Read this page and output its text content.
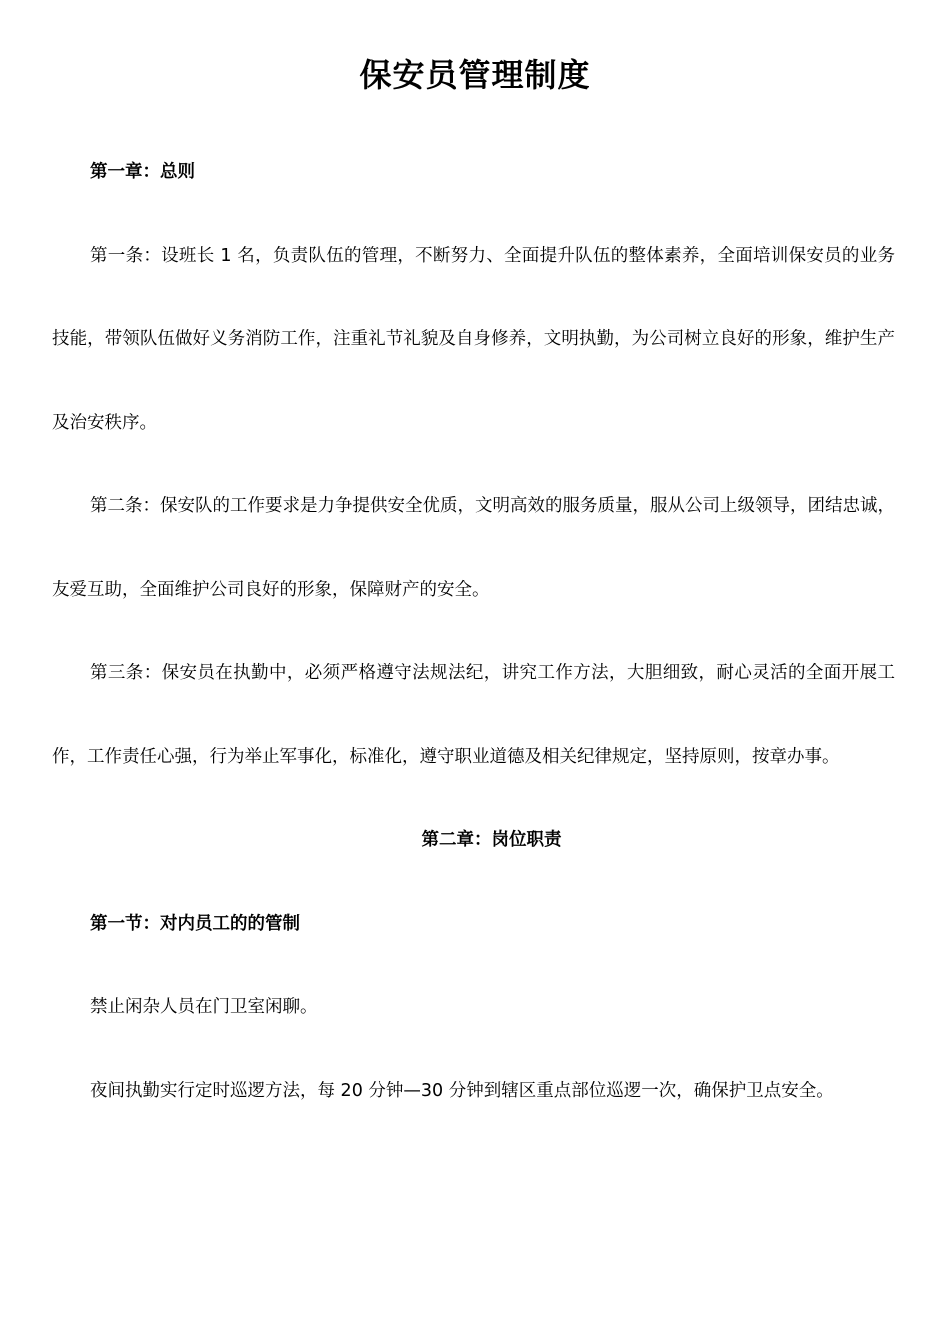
保安员管理制度

第一章：总则

第一条：设班长 1 名，负责队伍的管理，不断努力、全面提升队伍的整体素养，全面培训保安员的业务技能，带领队伍做好义务消防工作，注重礼节礼貌及自身修养，文明执勤，为公司树立良好的形象，维护生产及治安秩序。

第二条：保安队的工作要求是力争提供安全优质，文明高效的服务质量，服从公司上级领导，团结忠诚，友爱互助，全面维护公司良好的形象，保障财产的安全。

第三条：保安员在执勤中，必须严格遵守法规法纪，讲究工作方法，大胆细致，耐心灵活的全面开展工作，工作责任心强，行为举止军事化，标准化，遵守职业道德及相关纪律规定，坚持原则，按章办事。

第二章：岗位职责

第一节：对内员工的的管制

禁止闲杂人员在门卫室闲聊。

夜间执勤实行定时巡逻方法，每 20 分钟—30 分钟到辖区重点部位巡逻一次，确保护卫点安全。
